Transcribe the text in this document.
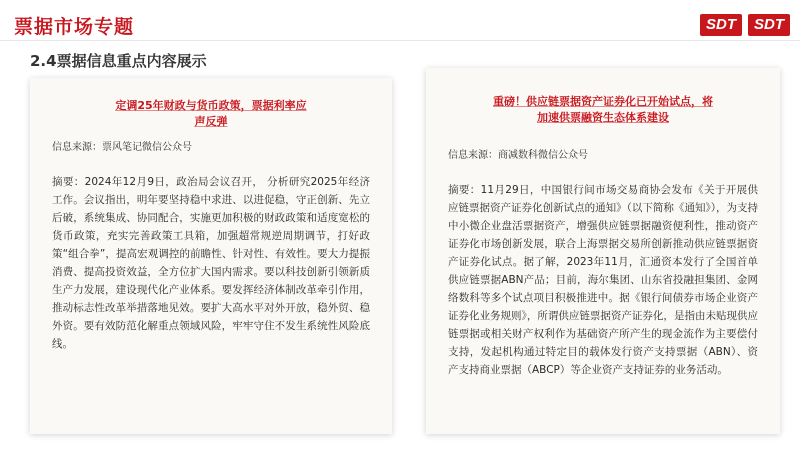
票据市场专题	SDT	SDT
2.4票据信息重点内容展示
定调25年财政与货币政策，票据利率应
声反弹
信息来源：票风笔记微信公众号
摘要：2024年12月9日，政治局会议召开， 分析研究2025年经济工作。会议指出，明年要坚持稳中求进、以进促稳，守正创新、先立后破，系统集成、协同配合，实施更加积极的财政政策和适度宽松的货币政策，充实完善政策工具箱，加强超常规逆周期调节，打好政策“组合拳”，提高宏观调控的前瞻性、针对性、有效性。要大力提振消费、提高投资效益，全方位扩大国内需求。要以科技创新引领新质生产力发展，建设现代化产业体系。要发挥经济体制改革牵引作用，推动标志性改革举措落地见效。要扩大高水平对外开放，稳外贸、稳外资。要有效防范化解重点领域风险，牢牢守住不发生系统性风险底线。
重磅！供应链票据资产证券化已开始试点，将
加速供票融资生态体系建设
信息来源：商减数科微信公众号
摘要：11月29日，中国银行间市场交易商协会发布《关于开展供应链票据资产证券化创新试点的通知》（以下简称《通知》），为支持中小微企业盘活票据资产，增强供应链票据融资便利性，推动资产证券化市场创新发展，联合上海票据交易所创新推动供应链票据资产证券化试点。据了解，2023年11月，汇通资本发行了全国首单供应链票据ABN产品；目前，海尔集团、山东省投融担集团、金网络数科等多个试点项目积极推进中。据《银行间债券市场企业资产证券化业务规则》，所谓供应链票据资产证券化，是指由未贴现供应链票据或相关财产权利作为基础资产所产生的现金流作为主要偿付支持，发起机构通过特定目的载体发行资产支持票据（ABN）、资产支持商业票据（ABCP）等企业资产支持证券的业务活动。
